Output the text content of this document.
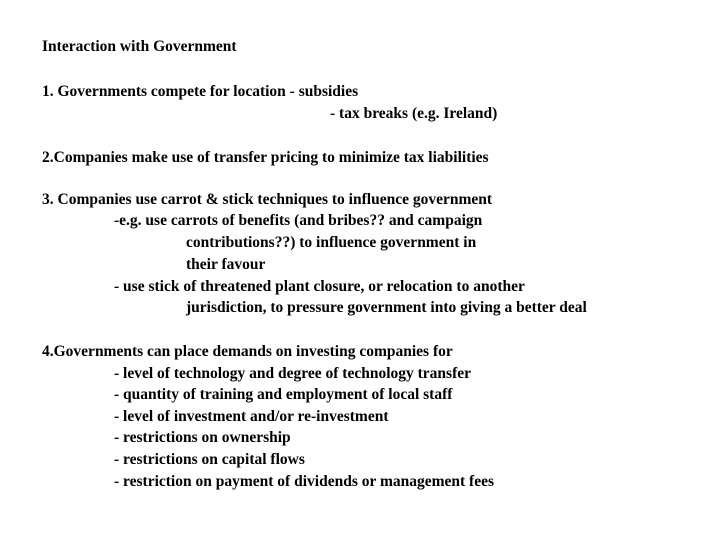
Interaction with Government
1. Governments compete for location - subsidies
- tax breaks (e.g. Ireland)
2.Companies make use of transfer pricing to minimize tax liabilities
3. Companies use carrot & stick techniques to influence government
-e.g. use carrots of benefits (and bribes?? and campaign
contributions??) to influence government in
their favour
- use stick of threatened plant closure, or relocation to another
jurisdiction, to pressure government into giving a better deal
4.Governments can place demands on investing companies for
- level of technology and degree of technology transfer
- quantity of training and employment of local staff
- level of investment and/or re-investment
- restrictions on ownership
- restrictions on capital flows
- restriction on payment of dividends or management fees
